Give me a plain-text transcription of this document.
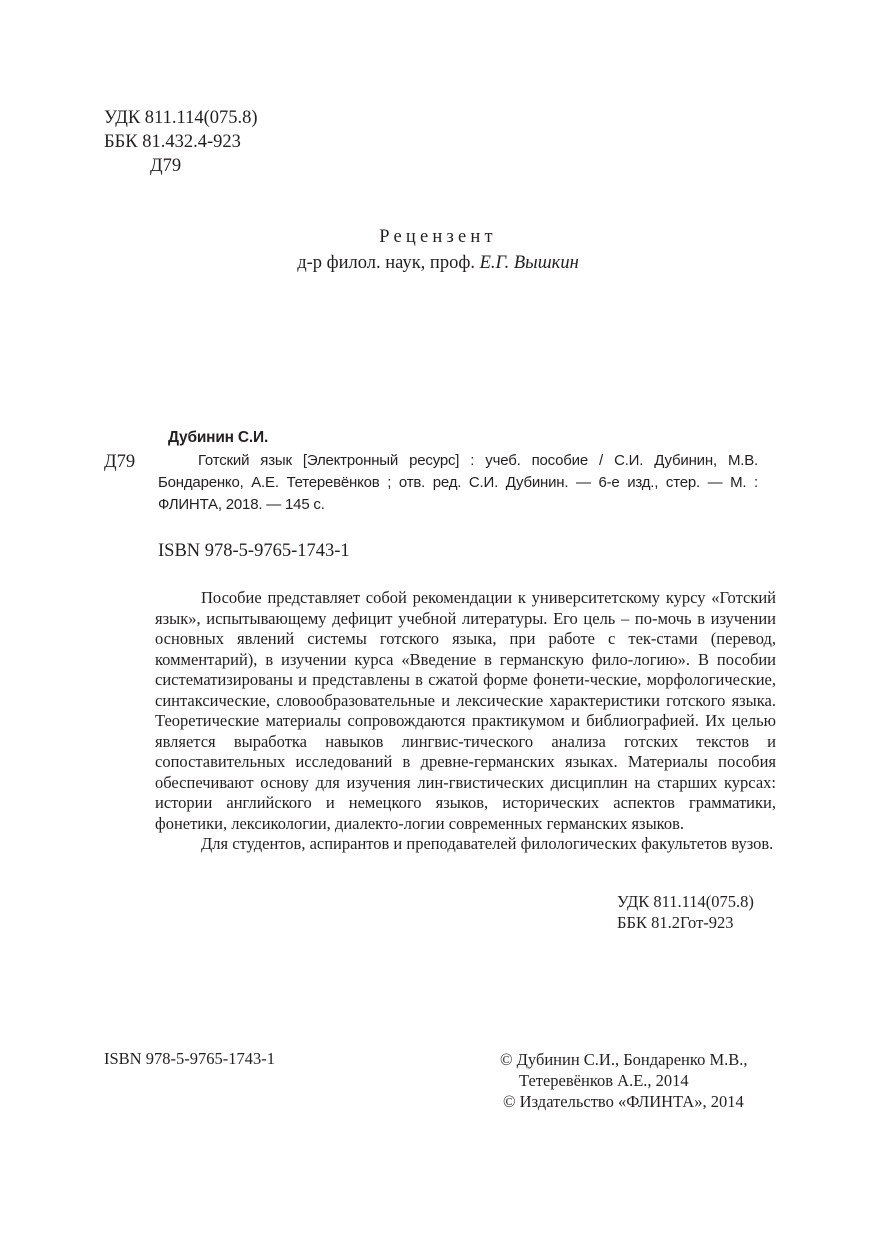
УДК 811.114(075.8)
ББК 81.432.4-923
Д79
Рецензент
д-р филол. наук, проф. Е.Г. Вышкин
Дубинин С.И.
Д79	Готский язык [Электронный ресурс] : учеб. пособие / С.И. Дубинин, М.В. Бондаренко, А.Е. Тетеревёнков ; отв. ред. С.И. Дубинин. — 6-е изд., стер. — М. : ФЛИНТА, 2018. — 145 с.
ISBN 978-5-9765-1743-1

Пособие представляет собой рекомендации к университетскому курсу «Готский язык», испытывающему дефицит учебной литературы. Его цель – по-мочь в изучении основных явлений системы готского языка, при работе с тек-стами (перевод, комментарий), в изучении курса «Введение в германскую фило-логию». В пособии систематизированы и представлены в сжатой форме фонети-ческие, морфологические, синтаксические, словообразовательные и лексические характеристики готского языка. Теоретические материалы сопровождаются практикумом и библиографией. Их целью является выработка навыков лингвис-тического анализа готских текстов и сопоставительных исследований в древне-германских языках. Материалы пособия обеспечивают основу для изучения лин-гвистических дисциплин на старших курсах: истории английского и немецкого языков, исторических аспектов грамматики, фонетики, лексикологии, диалекто-логии современных германских языков.

Для студентов, аспирантов и преподавателей филологических факультетов вузов.

УДК 811.114(075.8)
ББК 81.2Гот-923
ISBN 978-5-9765-1743-1	© Дубинин С.И., Бондаренко М.В.,
Тетеревёнков А.Е., 2014
© Издательство «ФЛИНТА», 2014
